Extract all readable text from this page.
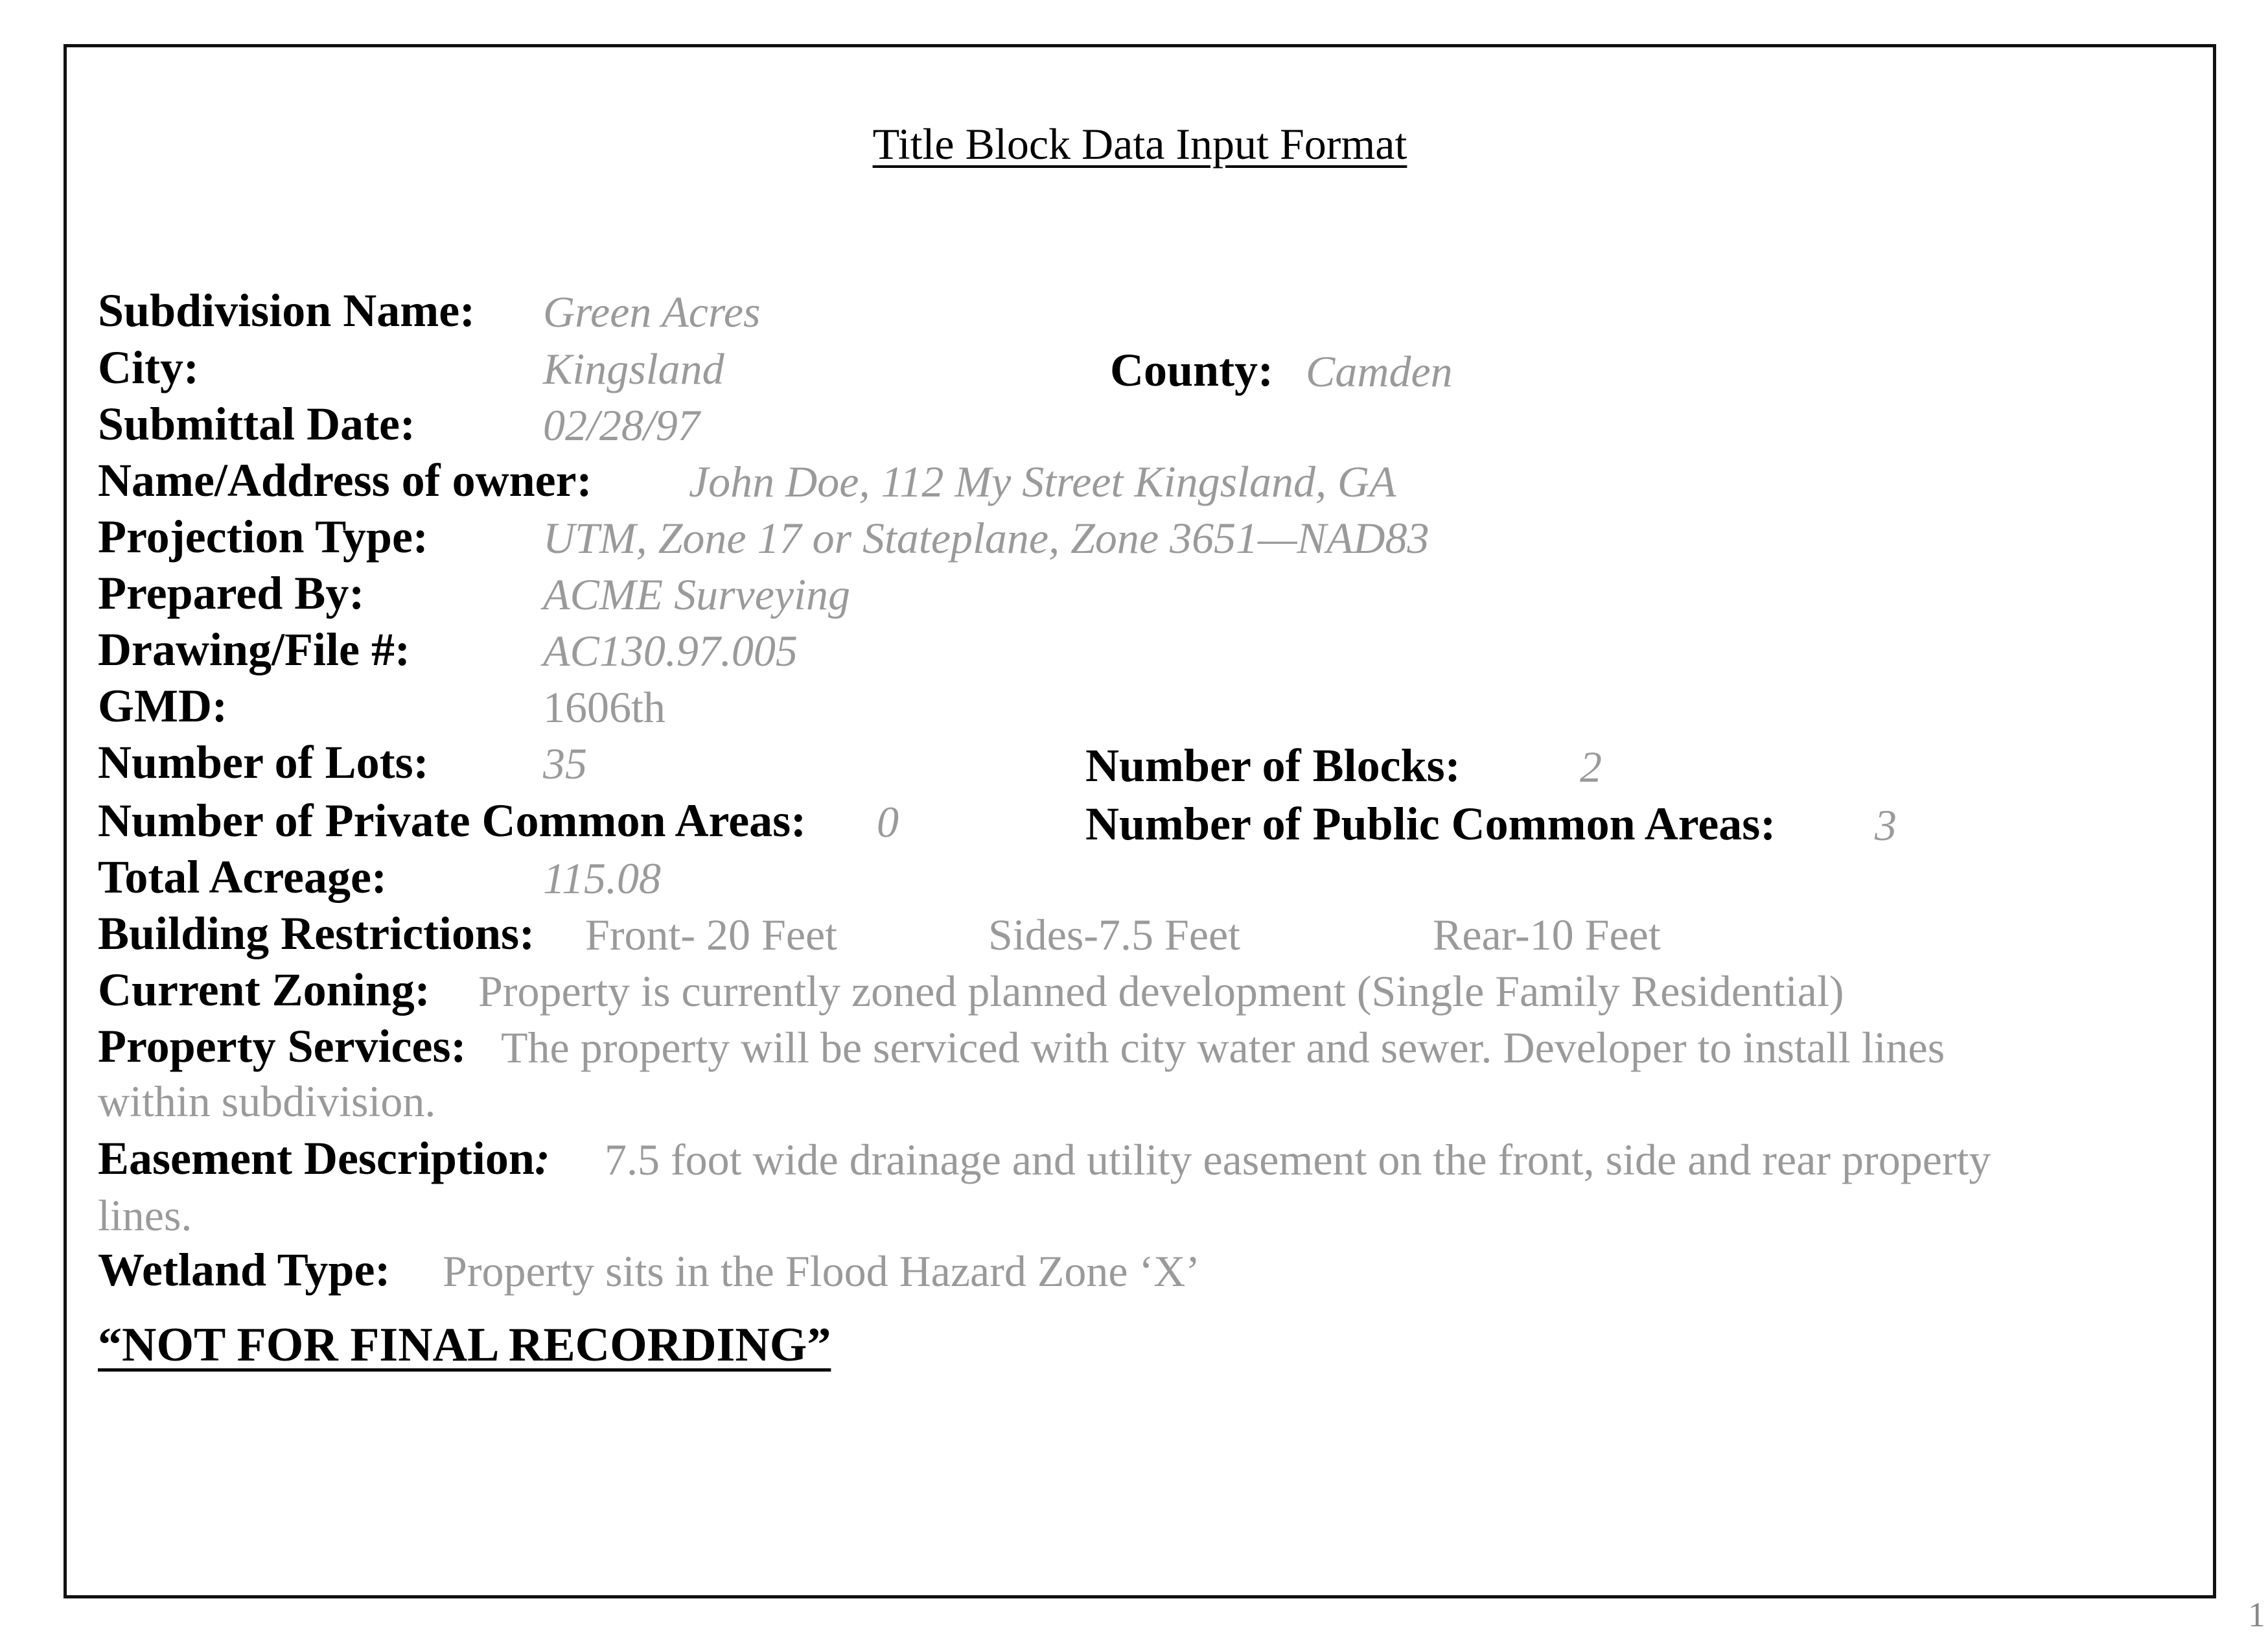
Title Block Data Input Format
Subdivision Name: Green Acres
City:	Kingsland	County: Camden
Submittal Date:	02/28/97
Name/Address of owner: John Doe, 112 My Street Kingsland, GA
Projection Type:	UTM, Zone 17 or Stateplane, Zone 3651—NAD83
Prepared By:	ACME Surveying
Drawing/File #:	AC130.97.005
GMD:	1606th
Number of Lots:	35	Number of Blocks:	2
Number of Private Common Areas: 0	Number of Public Common Areas: 3
Total Acreage:	115.08
Building Restrictions: Front- 20 Feet	Sides-7.5 Feet	Rear-10 Feet
Current Zoning: Property is currently zoned planned development (Single Family Residential)
Property Services: The property will be serviced with city water and sewer. Developer to install lines
within subdivision.
Easement Description: 7.5 foot wide drainage and utility easement on the front, side and rear property
lines.
Wetland Type: Property sits in the Flood Hazard Zone ‘X’
“NOT FOR FINAL RECORDING”
1
